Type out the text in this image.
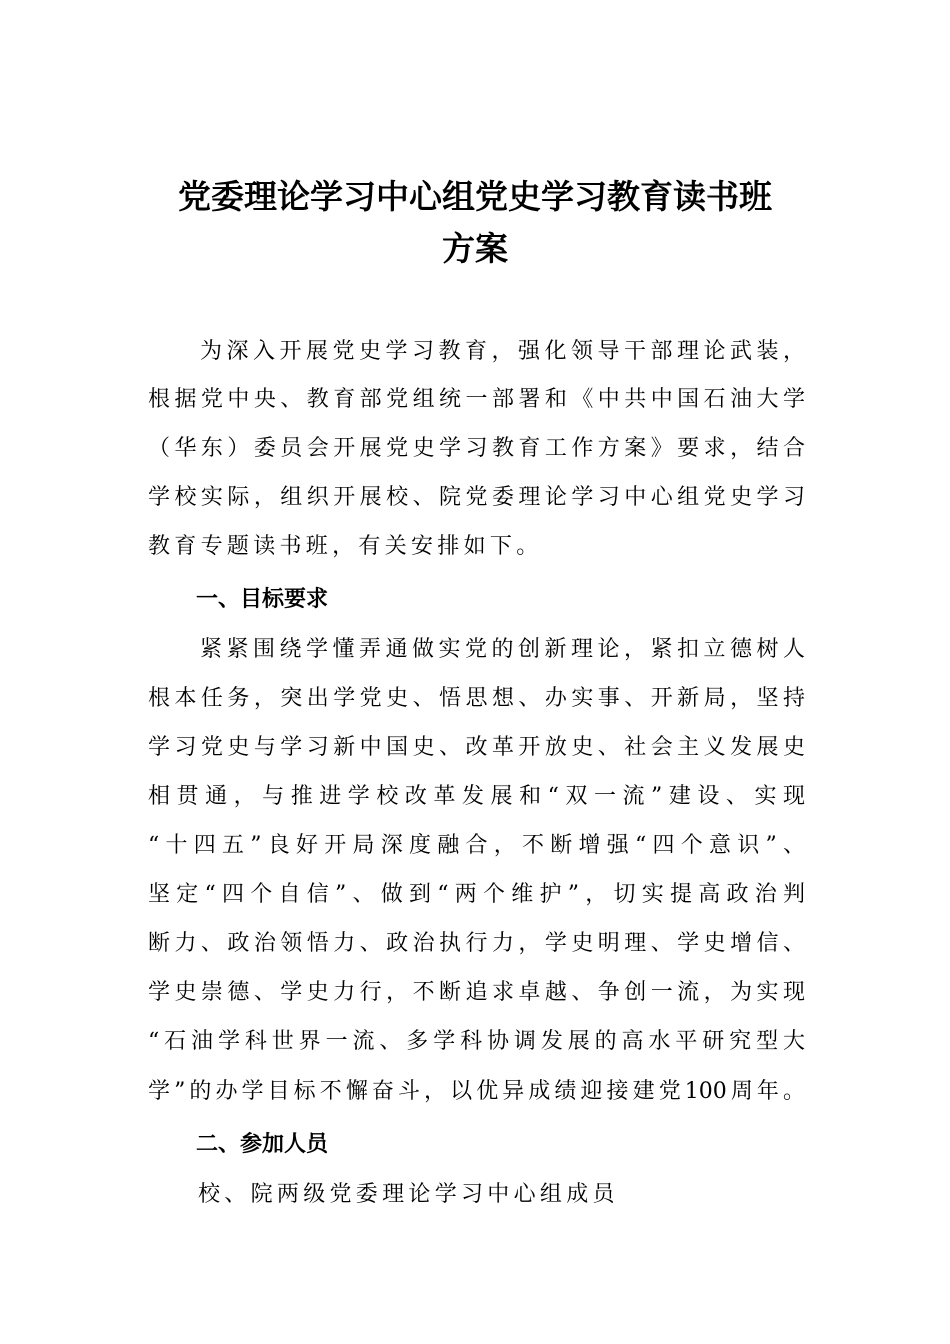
党委理论学习中心组党史学习教育读书班
方案
为深入开展党史学习教育，强化领导干部理论武装，
根据党中央、教育部党组统一部署和《中共中国石油大学
（华东）委员会开展党史学习教育工作方案》要求，结合
学校实际，组织开展校、院党委理论学习中心组党史学习
教育专题读书班，有关安排如下。
一、目标要求
紧紧围绕学懂弄通做实党的创新理论，紧扣立德树人
根本任务，突出学党史、悟思想、办实事、开新局，坚持
学习党史与学习新中国史、改革开放史、社会主义发展史
相贯通，与推进学校改革发展和“双一流”建设、实现
“十四五”良好开局深度融合，不断增强“四个意识”、
坚定“四个自信”、做到“两个维护”，切实提高政治判
断力、政治领悟力、政治执行力，学史明理、学史增信、
学史崇德、学史力行，不断追求卓越、争创一流，为实现
“石油学科世界一流、多学科协调发展的高水平研究型大
学”的办学目标不懈奋斗，以优异成绩迎接建党100周年。
二、参加人员
校、院两级党委理论学习中心组成员
